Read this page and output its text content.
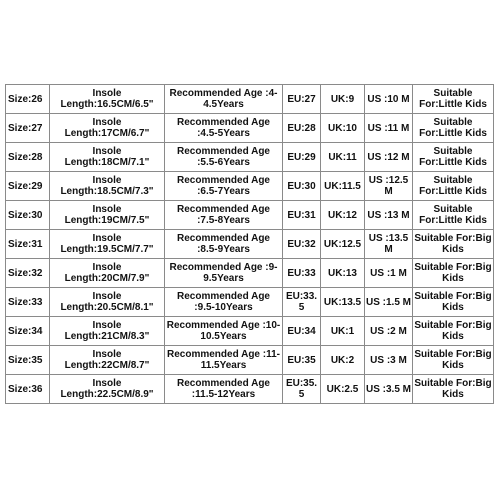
Size:26	Insole Length:16.5CM/6.5"	Recommended Age :4-4.5Years	EU:27	UK:9	US :10 M	Suitable For:Little Kids
Size:27	Insole Length:17CM/6.7"	Recommended Age :4.5-5Years	EU:28	UK:10	US :11 M	Suitable For:Little Kids
Size:28	Insole Length:18CM/7.1"	Recommended Age :5.5-6Years	EU:29	UK:11	US :12 M	Suitable For:Little Kids
Size:29	Insole Length:18.5CM/7.3"	Recommended Age :6.5-7Years	EU:30	UK:11.5	US :12.5 M	Suitable For:Little Kids
Size:30	Insole Length:19CM/7.5"	Recommended Age :7.5-8Years	EU:31	UK:12	US :13 M	Suitable For:Little Kids
Size:31	Insole Length:19.5CM/7.7"	Recommended Age :8.5-9Years	EU:32	UK:12.5	US :13.5 M	Suitable For:Big Kids
Size:32	Insole Length:20CM/7.9"	Recommended Age :9-9.5Years	EU:33	UK:13	US :1 M	Suitable For:Big Kids
Size:33	Insole Length:20.5CM/8.1"	Recommended Age :9.5-10Years	EU:33.5	UK:13.5	US :1.5 M	Suitable For:Big Kids
Size:34	Insole Length:21CM/8.3"	Recommended Age :10-10.5Years	EU:34	UK:1	US :2 M	Suitable For:Big Kids
Size:35	Insole Length:22CM/8.7"	Recommended Age :11-11.5Years	EU:35	UK:2	US :3 M	Suitable For:Big Kids
Size:36	Insole Length:22.5CM/8.9"	Recommended Age :11.5-12Years	EU:35.5	UK:2.5	US :3.5 M	Suitable For:Big Kids
